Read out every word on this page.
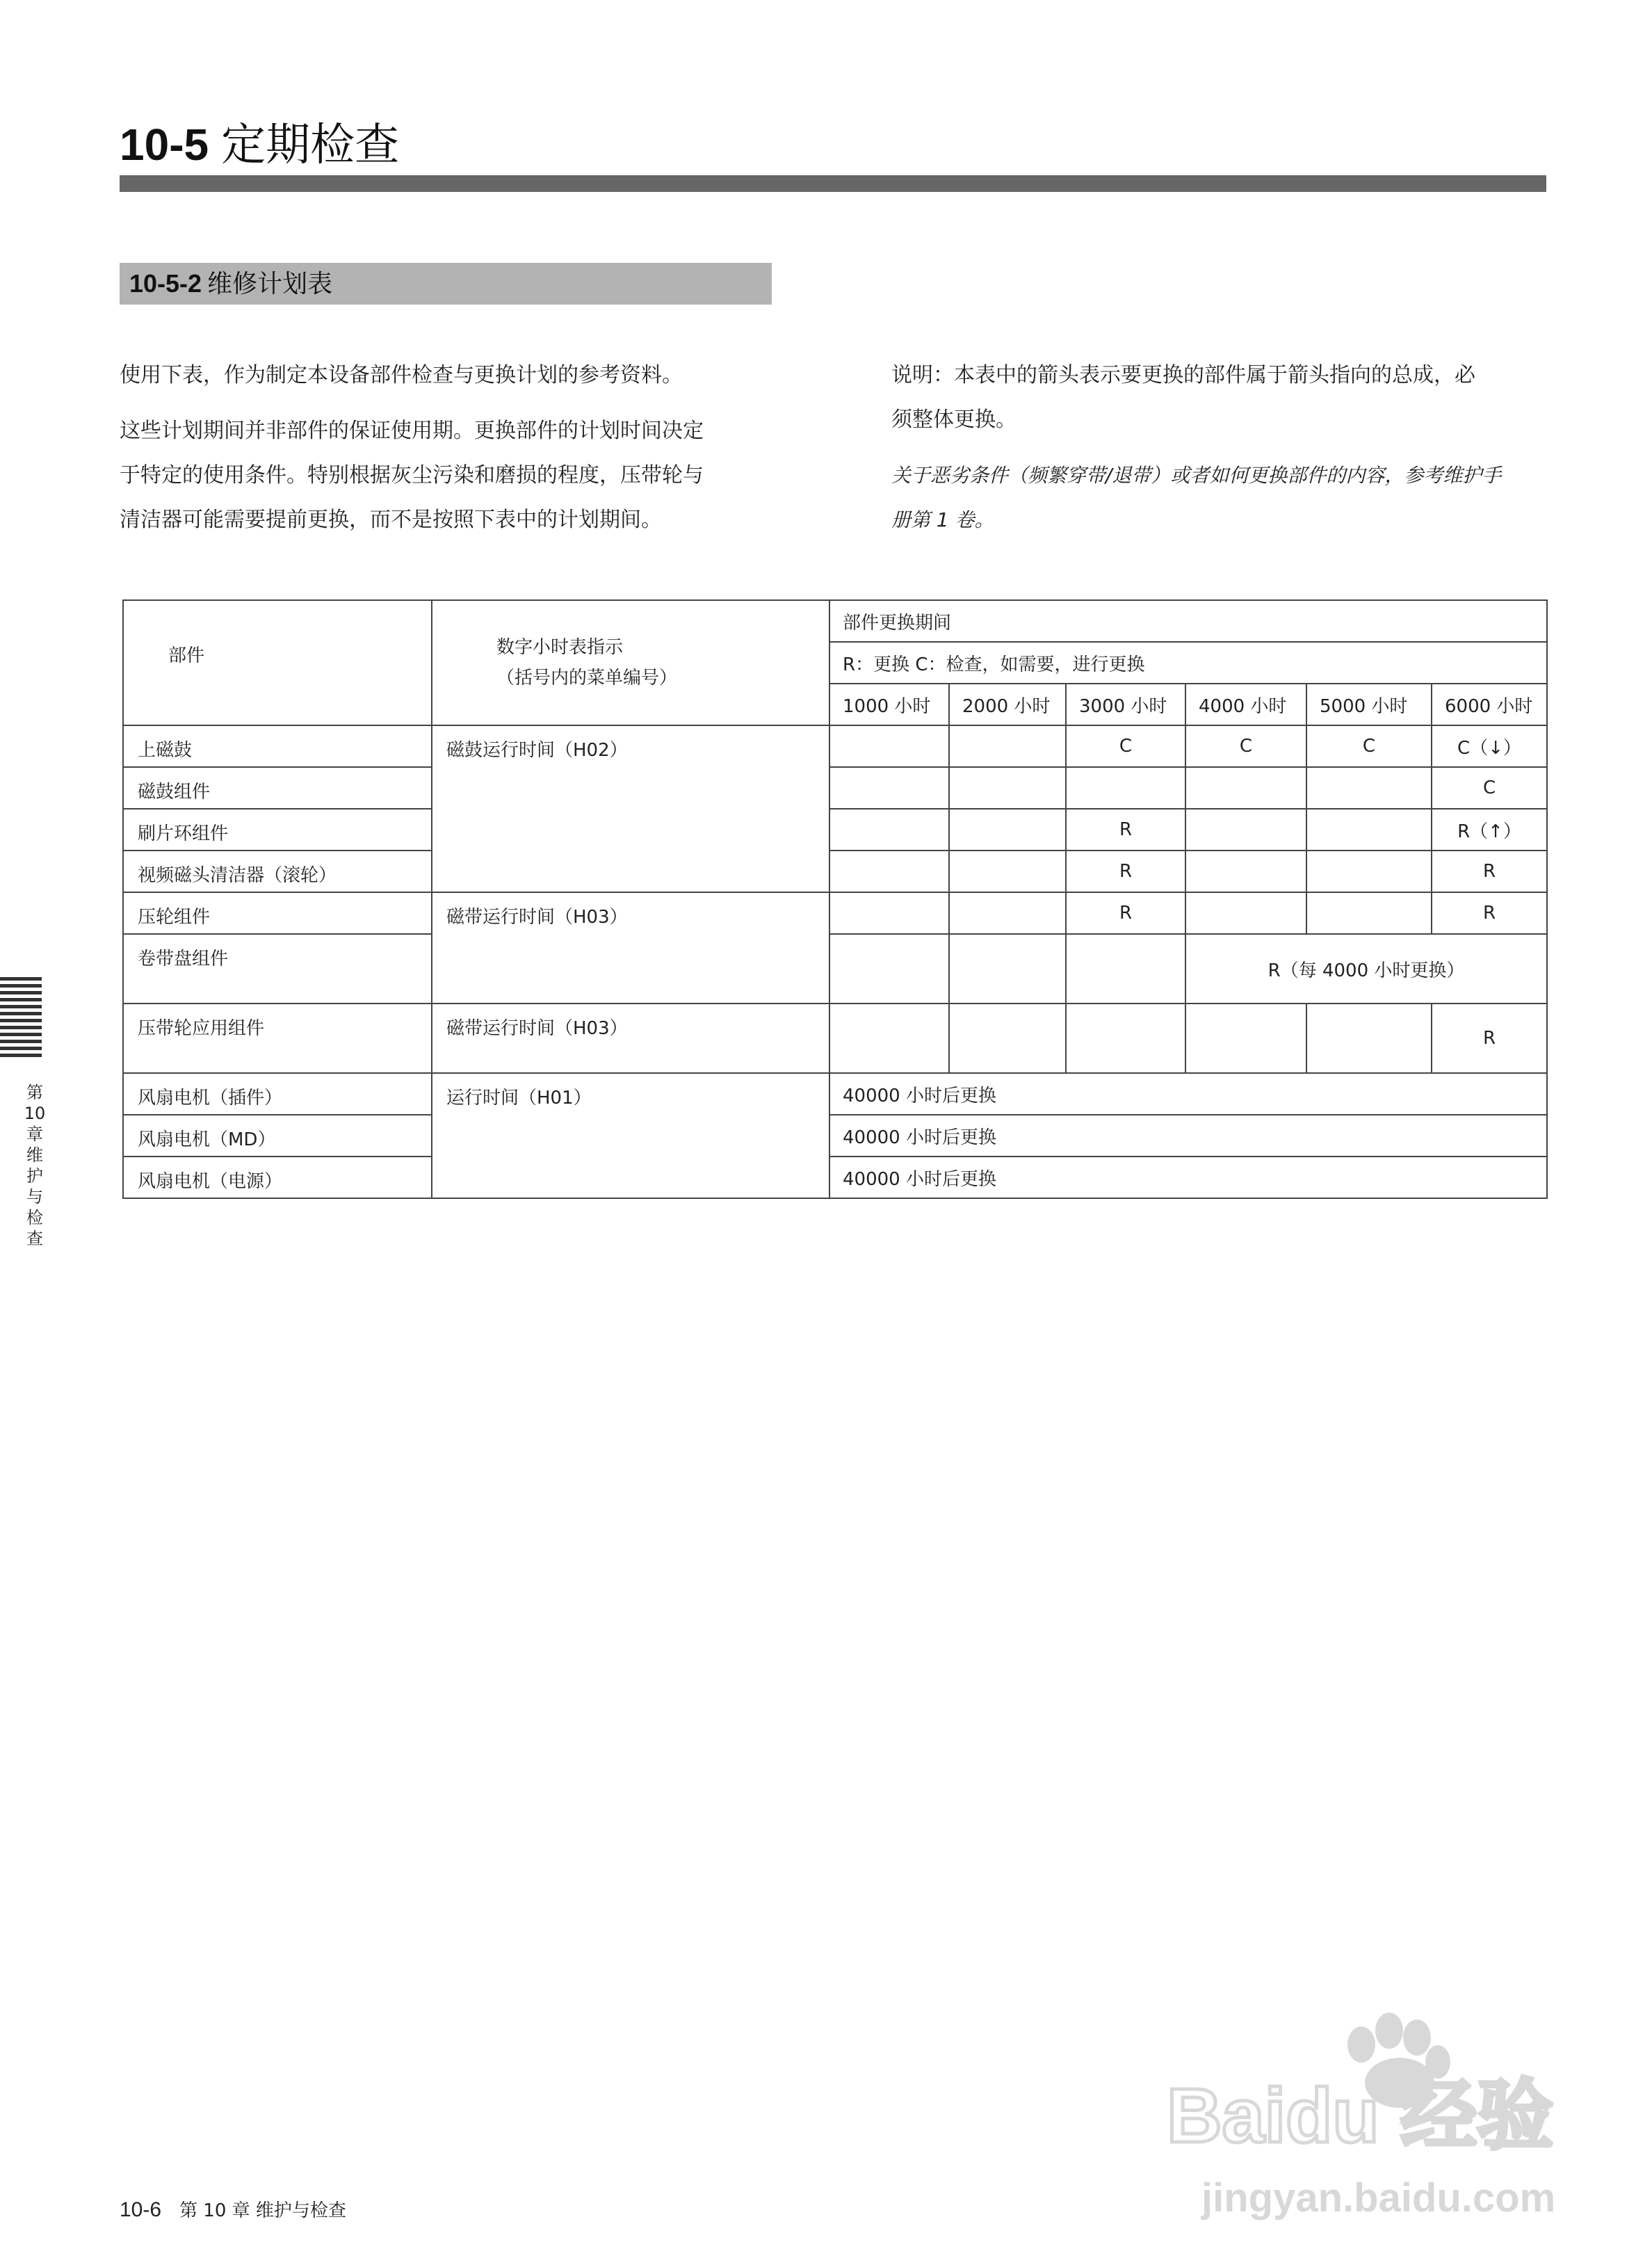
10-5 定期检查
10-5-2 维修计划表

使用下表，作为制定本设备部件检查与更换计划的参考资料。

这些计划期间并非部件的保证使用期。更换部件的计划时间决定

于特定的使用条件。特别根据灰尘污染和磨损的程度，压带轮与

清洁器可能需要提前更换，而不是按照下表中的计划期间。

说明：本表中的箭头表示要更换的部件属于箭头指向的总成，必

须整体更换。

关于恶劣条件（频繁穿带/退带）或者如何更换部件的内容，参考维护手

册第 1 卷。

部件	数字小时表指示
（括号内的菜单编号）	部件更换期间					
		R：更换 C：检查，如需要，进行更换					
		1000 小时	2000 小时	3000 小时	4000 小时	5000 小时	6000 小时
上磁鼓	磁鼓运行时间（H02）			C	C	C	C（↓）
磁鼓组件							C
刷片环组件				R			R（↑）
视频磁头清洁器（滚轮）				R			R
压轮组件	磁带运行时间（H03）			R			R
卷带盘组件					R（每 4000 小时更换）		
压带轮应用组件	磁带运行时间（H03）						R
风扇电机（插件）	运行时间（H01）	40000 小时后更换					
风扇电机（MD）		40000 小时后更换					
风扇电机（电源）		40000 小时后更换					
第
10
章
维
护
与
检
查
10-6 第 10 章 维护与检查
Baidu 经验
jingyan.baidu.com
